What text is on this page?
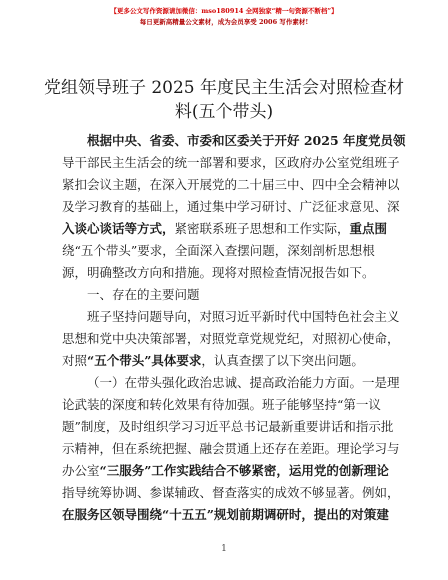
【更多公文写作资源请加微信：mso180914 全网独家“精一句资源不断档”】
每日更新高精量公文素材，成为会员享受 2006 写作素材!
党组领导班子 2025 年度民主生活会对照检查材
料(五个带头)

根据中央、省委、市委和区委关于开好 2025 年度党员领
导干部民主生活会的统一部署和要求，区政府办公室党组班子
紧扣会议主题，在深入开展党的二十届三中、四中全会精神以
及学习教育的基础上，通过集中学习研讨、广泛征求意见、深
入谈心谈话等方式，紧密联系班子思想和工作实际，重点围
绕“五个带头”要求，全面深入查摆问题，深刻剖析思想根
源，明确整改方向和措施。现将对照检查情况报告如下。

一、存在的主要问题

班子坚持问题导向，对照习近平新时代中国特色社会主义
思想和党中央决策部署，对照党章党规党纪，对照初心使命，
对照“五个带头”具体要求，认真查摆了以下突出问题。

（一）在带头强化政治忠诚、提高政治能力方面。一是理
论武装的深度和转化效果有待加强。班子能够坚持“第一议
题”制度，及时组织学习习近平总书记最新重要讲话和指示批
示精神，但在系统把握、融会贯通上还存在差距。理论学习与
办公室“三服务”工作实践结合不够紧密，运用党的创新理论
指导统筹协调、参谋辅政、督查落实的成效不够显著。例如，
在服务区领导围绕“十五五”规划前期调研时，提出的对策建

1
